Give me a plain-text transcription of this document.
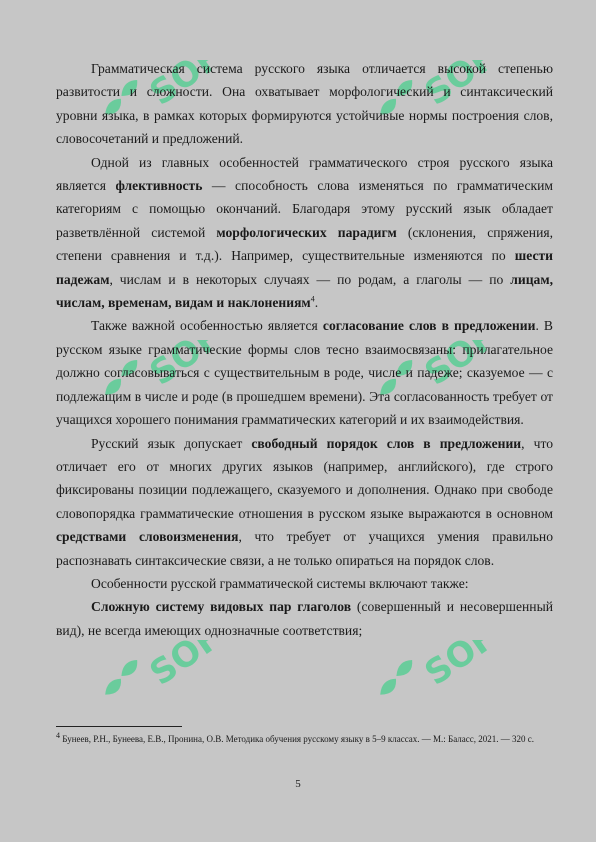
SOFT	SOFT
SOFT	SOFT
SOFT	SOFT

Грамматическая система русского языка отличается высокой степенью развитости и сложности. Она охватывает морфологический и синтаксический уровни языка, в рамках которых формируются устойчивые нормы построения слов, словосочетаний и предложений.

Одной из главных особенностей грамматического строя русского языка является флективность — способность слова изменяться по грамматическим категориям с помощью окончаний. Благодаря этому русский язык обладает разветвлённой системой морфологических парадигм (склонения, спряжения, степени сравнения и т.д.). Например, существительные изменяются по шести падежам, числам и в некоторых случаях — по родам, а глаголы — по лицам, числам, временам, видам и наклонениям$^4$.

Также важной особенностью является согласование слов в предложении. В русском языке грамматические формы слов тесно взаимосвязаны: прилагательное должно согласовываться с существительным в роде, числе и падеже; сказуемое — с подлежащим в числе и роде (в прошедшем времени). Эта согласованность требует от учащихся хорошего понимания грамматических категорий и их взаимодействия.

Русский язык допускает свободный порядок слов в предложении, что отличает его от многих других языков (например, английского), где строго фиксированы позиции подлежащего, сказуемого и дополнения. Однако при свободе словопорядка грамматические отношения в русском языке выражаются в основном средствами словоизменения, что требует от учащихся умения правильно распознавать синтаксические связи, а не только опираться на порядок слов.

Особенности русской грамматической системы включают также:

Сложную систему видовых пар глаголов (совершенный и несовершенный вид), не всегда имеющих однозначные соответствия;

$^4$ Бунеев, Р.Н., Бунеева, Е.В., Пронина, О.В. Методика обучения русскому языку в 5–9 классах. — М.: Баласс, 2021. — 320 с.
5
